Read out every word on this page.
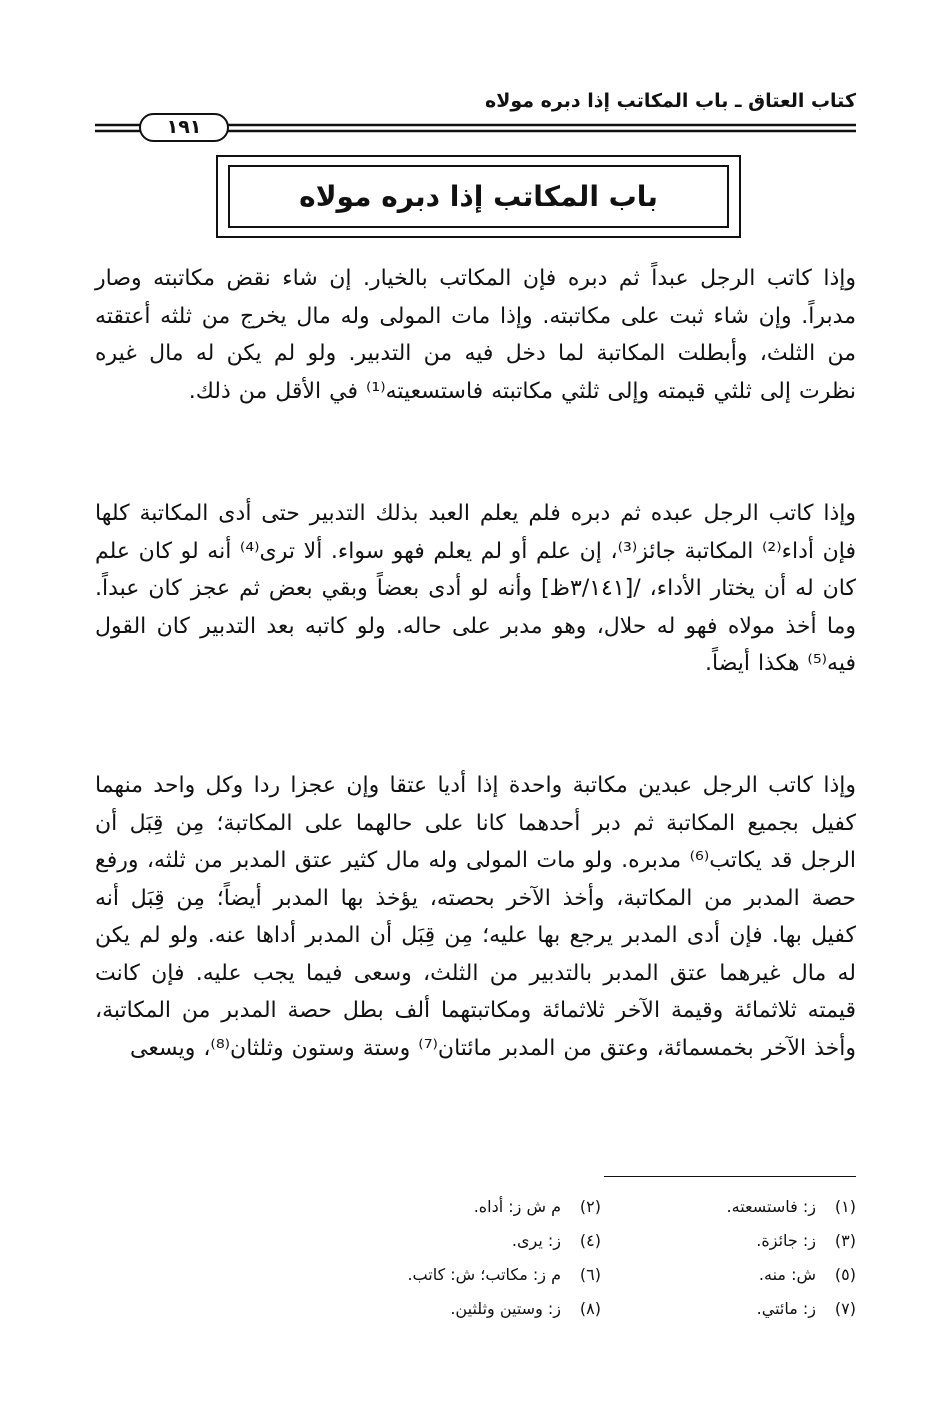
كتاب العتاق ـ باب المكاتب إذا دبره مولاه
١٩١
باب المكاتب إذا دبره مولاه

وإذا كاتب الرجل عبداً ثم دبره فإن المكاتب بالخيار. إن شاء نقض مكاتبته وصار مدبراً. وإن شاء ثبت على مكاتبته. وإذا مات المولى وله مال يخرج من ثلثه أعتقته من الثلث، وأبطلت المكاتبة لما دخل فيه من التدبير. ولو لم يكن له مال غيره نظرت إلى ثلثي قيمته وإلى ثلثي مكاتبته فاستسعيته⁽¹⁾ في الأقل من ذلك.

وإذا كاتب الرجل عبده ثم دبره فلم يعلم العبد بذلك التدبير حتى أدى المكاتبة كلها فإن أداء⁽²⁾ المكاتبة جائز⁽³⁾، إن علم أو لم يعلم فهو سواء. ألا ترى⁽⁴⁾ أنه لو كان علم كان له أن يختار الأداء، /[٣/١٤١ظ] وأنه لو أدى بعضاً وبقي بعض ثم عجز كان عبداً. وما أخذ مولاه فهو له حلال، وهو مدبر على حاله. ولو كاتبه بعد التدبير كان القول فيه⁽⁵⁾ هكذا أيضاً.

وإذا كاتب الرجل عبدين مكاتبة واحدة إذا أديا عتقا وإن عجزا ردا وكل واحد منهما كفيل بجميع المكاتبة ثم دبر أحدهما كانا على حالهما على المكاتبة؛ مِن قِبَل أن الرجل قد يكاتب⁽⁶⁾ مدبره. ولو مات المولى وله مال كثير عتق المدبر من ثلثه، ورفع حصة المدبر من المكاتبة، وأخذ الآخر بحصته، يؤخذ بها المدبر أيضاً؛ مِن قِبَل أنه كفيل بها. فإن أدى المدبر يرجع بها عليه؛ مِن قِبَل أن المدبر أداها عنه. ولو لم يكن له مال غيرهما عتق المدبر بالتدبير من الثلث، وسعى فيما يجب عليه. فإن كانت قيمته ثلاثمائة وقيمة الآخر ثلاثمائة ومكاتبتهما ألف بطل حصة المدبر من المكاتبة، وأخذ الآخر بخمسمائة، وعتق من المدبر مائتان⁽⁷⁾ وستة وستون وثلثان⁽⁸⁾، ويسعى

(١)ز: فاستسعته.
(٢)م ش ز: أداه.
(٣)ز: جائزة.
(٤)ز: يرى.
(٥)ش: منه.
(٦)م ز: مكاتب؛ ش: كاتب.
(٧)ز: مائتي.
(٨)ز: وستين وثلثين.
